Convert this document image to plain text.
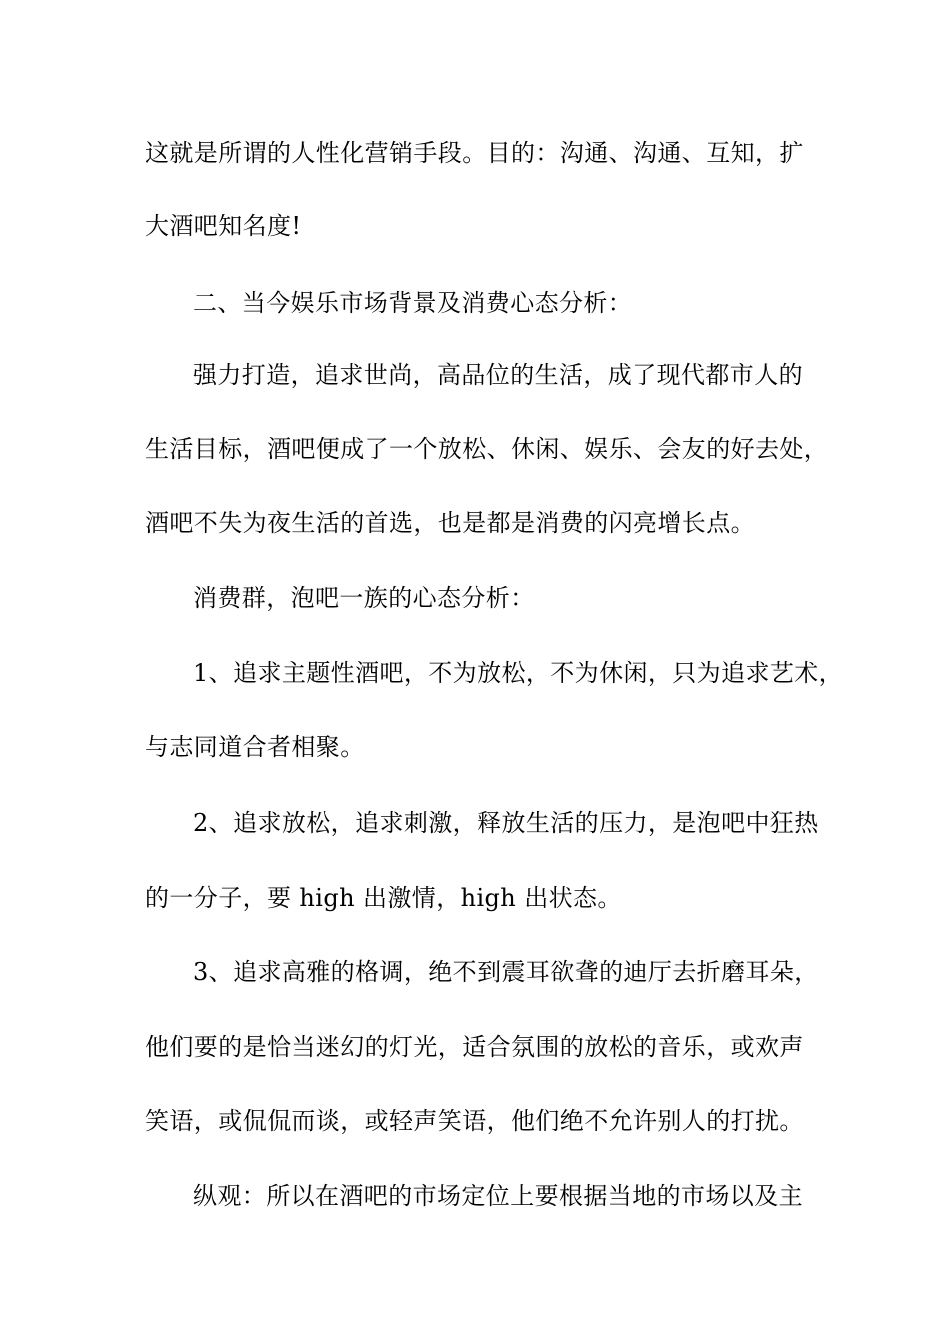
这就是所谓的人性化营销手段。目的：沟通、沟通、互知，扩
大酒吧知名度!
二、当今娱乐市场背景及消费心态分析：
强力打造，追求世尚，高品位的生活，成了现代都市人的
生活目标，酒吧便成了一个放松、休闲、娱乐、会友的好去处，
酒吧不失为夜生活的首选，也是都是消费的闪亮增长点。
消费群，泡吧一族的心态分析：
1、追求主题性酒吧，不为放松，不为休闲，只为追求艺术，
与志同道合者相聚。
2、追求放松，追求刺激，释放生活的压力，是泡吧中狂热
的一分子，要 high 出激情，high 出状态。
3、追求高雅的格调，绝不到震耳欲聋的迪厅去折磨耳朵，
他们要的是恰当迷幻的灯光，适合氛围的放松的音乐，或欢声
笑语，或侃侃而谈，或轻声笑语，他们绝不允许别人的打扰。
纵观：所以在酒吧的市场定位上要根据当地的市场以及主
